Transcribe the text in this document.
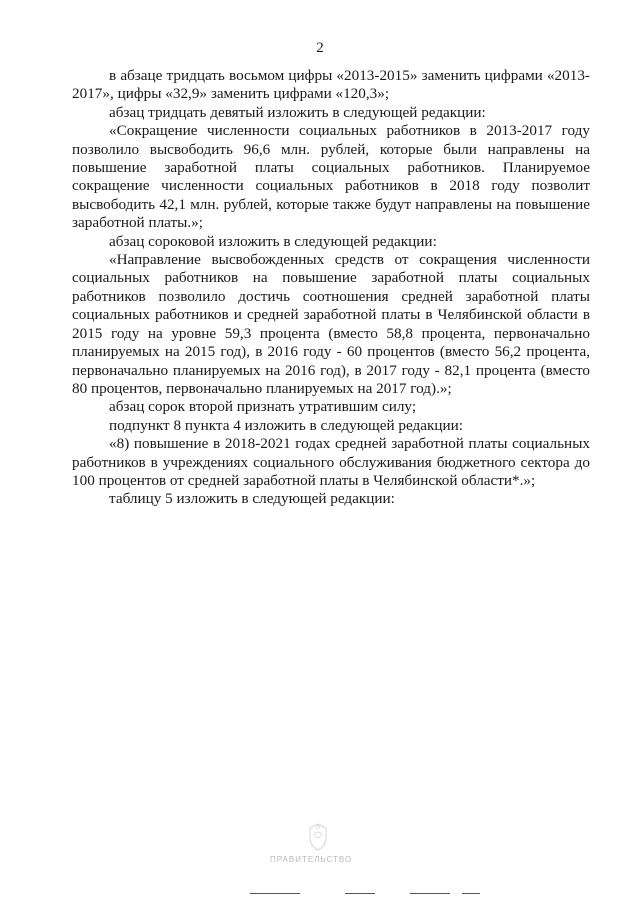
2

в абзаце тридцать восьмом цифры «2013-2015» заменить цифрами «2013-2017», цифры «32,9» заменить цифрами «120,3»;

абзац тридцать девятый изложить в следующей редакции:

«Сокращение численности социальных работников в 2013-2017 году позволило высвободить 96,6 млн. рублей, которые были направлены на повышение заработной платы социальных работников. Планируемое сокращение численности социальных работников в 2018 году позволит высвободить 42,1 млн. рублей, которые также будут направлены на повышение заработной платы.»;

абзац сороковой изложить в следующей редакции:

«Направление высвобожденных средств от сокращения численности социальных работников на повышение заработной платы социальных работников позволило достичь соотношения средней заработной платы социальных работников и средней заработной платы в Челябинской области в 2015 году на уровне 59,3 процента (вместо 58,8 процента, первоначально планируемых на 2015 год), в 2016 году - 60 процентов (вместо 56,2 процента, первоначально планируемых на 2016 год), в 2017 году - 82,1 процента (вместо 80 процентов, первоначально планируемых на 2017 год).»;

абзац сорок второй признать утратившим силу;

подпункт 8 пункта 4 изложить в следующей редакции:

«8) повышение в 2018-2021 годах средней заработной платы социальных работников в учреждениях социального обслуживания бюджетного сектора до 100 процентов от средней заработной платы в Челябинской области*.»;

таблицу 5 изложить в следующей редакции:

ПРАВИТЕЛЬСТВО
